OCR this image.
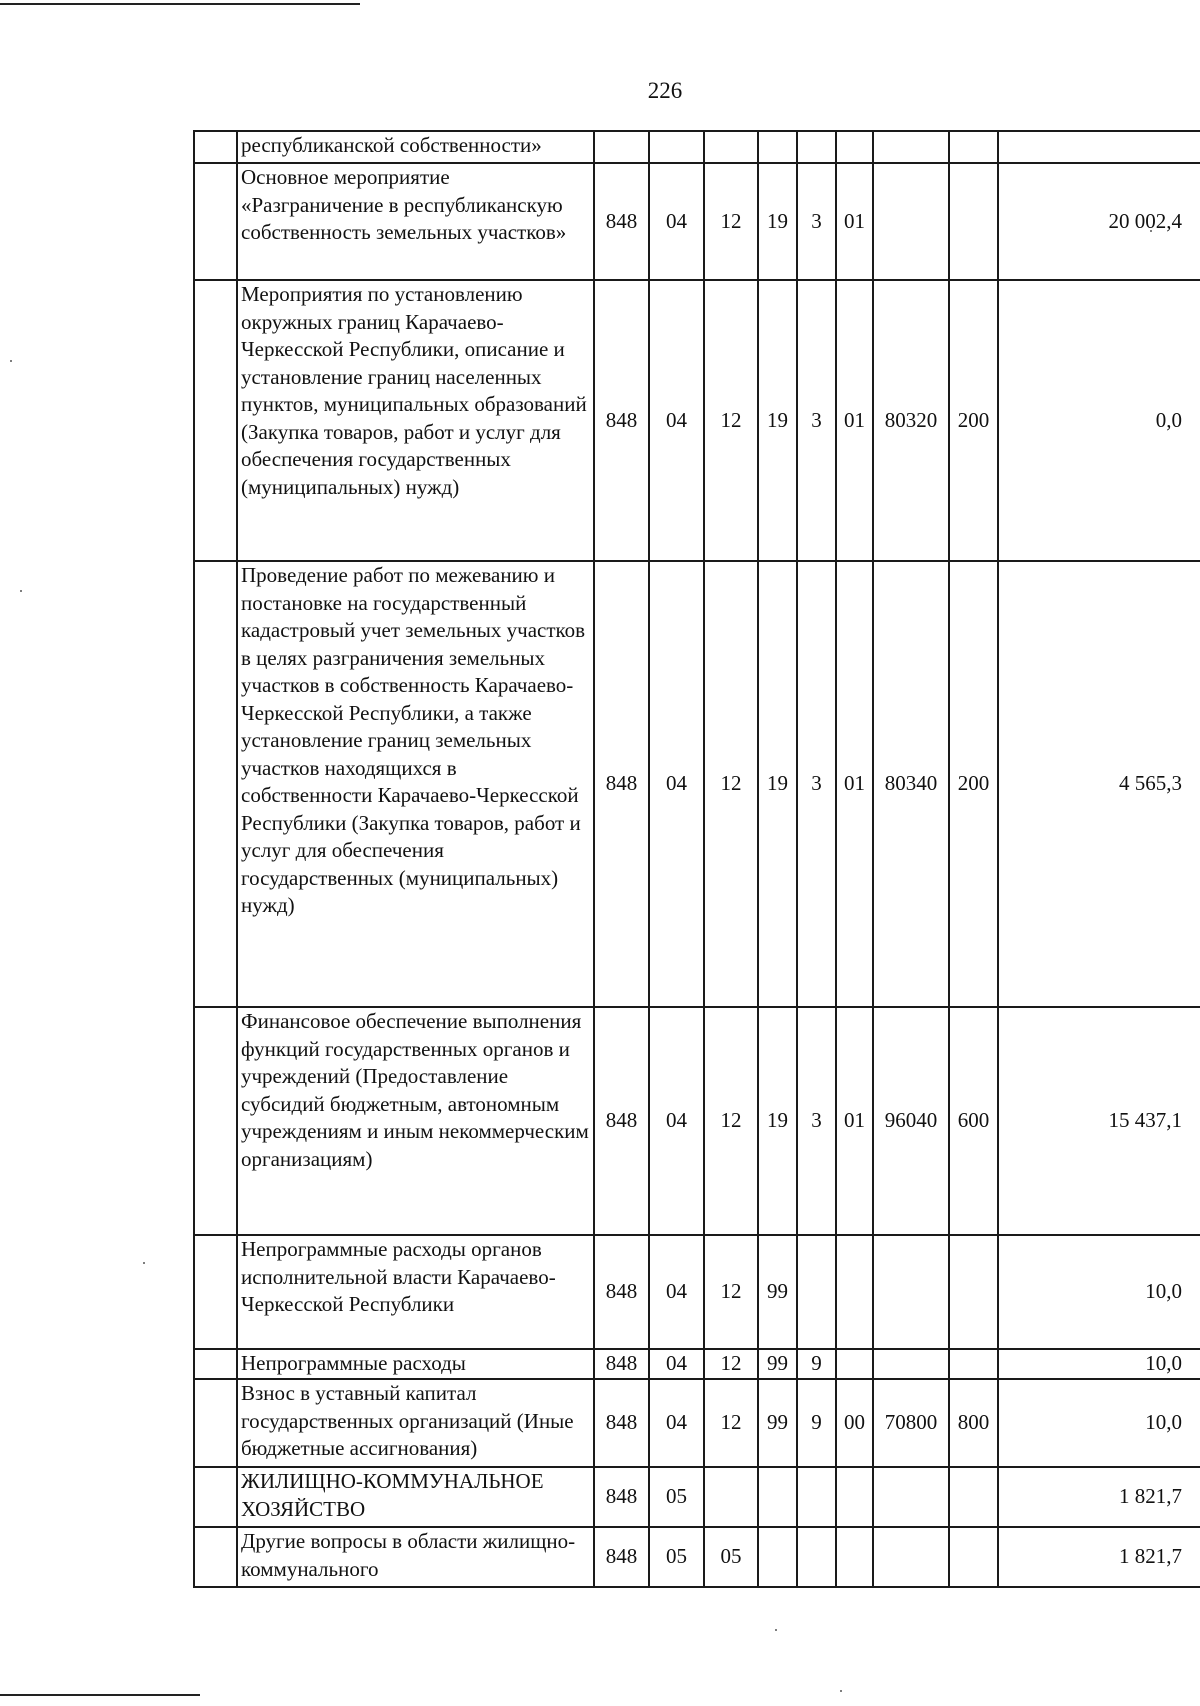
226
	республиканской собственности»									
	Основное мероприятие «Разграничение в республиканскую собственность земельных участков»	848	04	12	19	3	01			20 002,4
	Мероприятия по установлению окружных границ Карачаево-Черкесской Республики, описание и установление границ населенных пунктов, муниципальных образований (Закупка товаров, работ и услуг для обеспечения государственных (муниципальных) нужд)	848	04	12	19	3	01	80320	200	0,0
	Проведение работ по межеванию и постановке на государственный кадастровый учет земельных участков в целях разграничения земельных участков в собственность Карачаево-Черкесской Республики, а также установление границ земельных участков находящихся в собственности Карачаево-Черкесской Республики (Закупка товаров, работ и услуг для обеспечения государственных (муниципальных) нужд)	848	04	12	19	3	01	80340	200	4 565,3
	Финансовое обеспечение выполнения функций государственных органов и учреждений (Предоставление субсидий бюджетным, автономным учреждениям и иным некоммерческим организациям)	848	04	12	19	3	01	96040	600	15 437,1
	Непрограммные расходы органов исполнительной власти Карачаево-Черкесской Республики	848	04	12	99					10,0
	Непрограммные расходы	848	04	12	99	9				10,0
	Взнос в уставный капитал государственных организаций (Иные бюджетные ассигнования)	848	04	12	99	9	00	70800	800	10,0
	ЖИЛИЩНО-КОММУНАЛЬНОЕ ХОЗЯЙСТВО	848	05							1 821,7
	Другие вопросы в области жилищно-коммунального	848	05	05						1 821,7
